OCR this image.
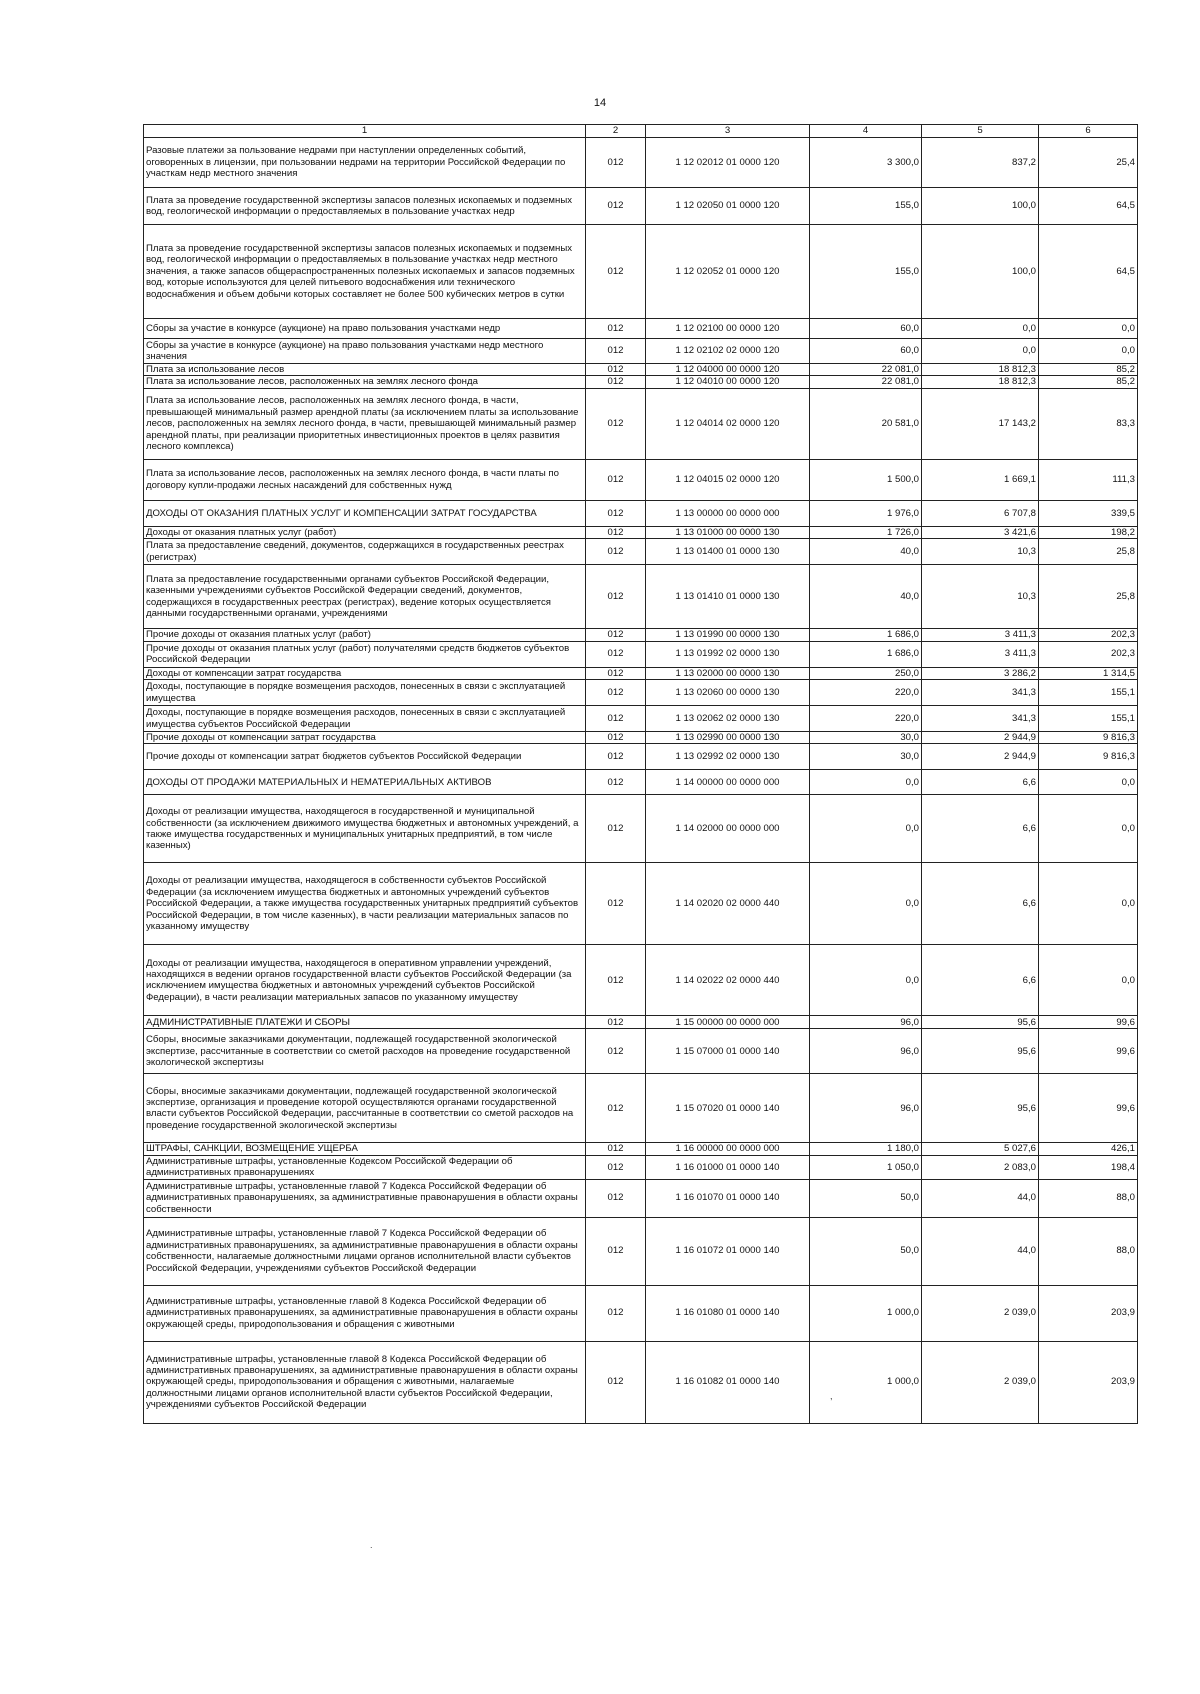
14
1	2	3	4	5	6
Разовые платежи за пользование недрами при наступлении определенных событий, оговоренных в лицензии, при пользовании недрами на территории Российской Федерации по участкам недр местного значения	012	1 12 02012 01 0000 120	3 300,0	837,2	25,4
Плата за проведение государственной экспертизы запасов полезных ископаемых и подземных вод, геологической информации о предоставляемых в пользование участках недр	012	1 12 02050 01 0000 120	155,0	100,0	64,5
Плата за проведение государственной экспертизы запасов полезных ископаемых и подземных вод, геологической информации о предоставляемых в пользование участках недр местного значения, а также запасов общераспространенных полезных ископаемых и запасов подземных вод, которые используются для целей питьевого водоснабжения или технического водоснабжения и объем добычи которых составляет не более 500 кубических метров в сутки	012	1 12 02052 01 0000 120	155,0	100,0	64,5
Сборы за участие в конкурсе (аукционе) на право пользования участками недр	012	1 12 02100 00 0000 120	60,0	0,0	0,0
Сборы за участие в конкурсе (аукционе) на право пользования участками недр местного значения	012	1 12 02102 02 0000 120	60,0	0,0	0,0
Плата за использование лесов	012	1 12 04000 00 0000 120	22 081,0	18 812,3	85,2
Плата за использование лесов, расположенных на землях лесного фонда	012	1 12 04010 00 0000 120	22 081,0	18 812,3	85,2
Плата за использование лесов, расположенных на землях лесного фонда, в части, превышающей минимальный размер арендной платы (за исключением платы за использование лесов, расположенных на землях лесного фонда, в части, превышающей минимальный размер арендной платы, при реализации приоритетных инвестиционных проектов в целях развития лесного комплекса)	012	1 12 04014 02 0000 120	20 581,0	17 143,2	83,3
Плата за использование лесов, расположенных на землях лесного фонда, в части платы по договору купли-продажи лесных насаждений для собственных нужд	012	1 12 04015 02 0000 120	1 500,0	1 669,1	111,3
ДОХОДЫ ОТ ОКАЗАНИЯ ПЛАТНЫХ УСЛУГ И КОМПЕНСАЦИИ ЗАТРАТ ГОСУДАРСТВА	012	1 13 00000 00 0000 000	1 976,0	6 707,8	339,5
Доходы от оказания платных услуг (работ)	012	1 13 01000 00 0000 130	1 726,0	3 421,6	198,2
Плата за предоставление сведений, документов, содержащихся в государственных реестрах (регистрах)	012	1 13 01400 01 0000 130	40,0	10,3	25,8
Плата за предоставление государственными органами субъектов Российской Федерации, казенными учреждениями субъектов Российской Федерации сведений, документов, содержащихся в государственных реестрах (регистрах), ведение которых осуществляется данными государственными органами, учреждениями	012	1 13 01410 01 0000 130	40,0	10,3	25,8
Прочие доходы от оказания платных услуг (работ)	012	1 13 01990 00 0000 130	1 686,0	3 411,3	202,3
Прочие доходы от оказания платных услуг (работ) получателями средств бюджетов субъектов Российской Федерации	012	1 13 01992 02 0000 130	1 686,0	3 411,3	202,3
Доходы от компенсации затрат государства	012	1 13 02000 00 0000 130	250,0	3 286,2	1 314,5
Доходы, поступающие в порядке возмещения расходов, понесенных в связи с эксплуатацией имущества	012	1 13 02060 00 0000 130	220,0	341,3	155,1
Доходы, поступающие в порядке возмещения расходов, понесенных в связи с эксплуатацией имущества субъектов Российской Федерации	012	1 13 02062 02 0000 130	220,0	341,3	155,1
Прочие доходы от компенсации затрат государства	012	1 13 02990 00 0000 130	30,0	2 944,9	9 816,3
Прочие доходы от компенсации затрат бюджетов субъектов Российской Федерации	012	1 13 02992 02 0000 130	30,0	2 944,9	9 816,3
ДОХОДЫ ОТ ПРОДАЖИ МАТЕРИАЛЬНЫХ И НЕМАТЕРИАЛЬНЫХ АКТИВОВ	012	1 14 00000 00 0000 000	0,0	6,6	0,0
Доходы от реализации имущества, находящегося в государственной и муниципальной собственности (за исключением движимого имущества бюджетных и автономных учреждений, а также имущества государственных и муниципальных унитарных предприятий, в том числе казенных)	012	1 14 02000 00 0000 000	0,0	6,6	0,0
Доходы от реализации имущества, находящегося в собственности субъектов Российской Федерации (за исключением имущества бюджетных и автономных учреждений субъектов Российской Федерации, а также имущества государственных унитарных предприятий субъектов Российской Федерации, в том числе казенных), в части реализации материальных запасов по указанному имуществу	012	1 14 02020 02 0000 440	0,0	6,6	0,0
Доходы от реализации имущества, находящегося в оперативном управлении учреждений, находящихся в ведении органов государственной власти субъектов Российской Федерации (за исключением имущества бюджетных и автономных учреждений субъектов Российской Федерации), в части реализации материальных запасов по указанному имуществу	012	1 14 02022 02 0000 440	0,0	6,6	0,0
АДМИНИСТРАТИВНЫЕ ПЛАТЕЖИ И СБОРЫ	012	1 15 00000 00 0000 000	96,0	95,6	99,6
Сборы, вносимые заказчиками документации, подлежащей государственной экологической экспертизе, рассчитанные в соответствии со сметой расходов на проведение государственной экологической экспертизы	012	1 15 07000 01 0000 140	96,0	95,6	99,6
Сборы, вносимые заказчиками документации, подлежащей государственной экологической экспертизе, организация и проведение которой осуществляются органами государственной власти субъектов Российской Федерации, рассчитанные в соответствии со сметой расходов на проведение государственной экологической экспертизы	012	1 15 07020 01 0000 140	96,0	95,6	99,6
ШТРАФЫ, САНКЦИИ, ВОЗМЕЩЕНИЕ УЩЕРБА	012	1 16 00000 00 0000 000	1 180,0	5 027,6	426,1
Административные штрафы, установленные Кодексом Российской Федерации об административных правонарушениях	012	1 16 01000 01 0000 140	1 050,0	2 083,0	198,4
Административные штрафы, установленные главой 7 Кодекса Российской Федерации об административных правонарушениях, за административные правонарушения в области охраны собственности	012	1 16 01070 01 0000 140	50,0	44,0	88,0
Административные штрафы, установленные главой 7 Кодекса Российской Федерации об административных правонарушениях, за административные правонарушения в области охраны собственности, налагаемые должностными лицами органов исполнительной власти субъектов Российской Федерации, учреждениями субъектов Российской Федерации	012	1 16 01072 01 0000 140	50,0	44,0	88,0
Административные штрафы, установленные главой 8 Кодекса Российской Федерации об административных правонарушениях, за административные правонарушения в области охраны окружающей среды, природопользования и обращения с животными	012	1 16 01080 01 0000 140	1 000,0	2 039,0	203,9
Административные штрафы, установленные главой 8 Кодекса Российской Федерации об административных правонарушениях, за административные правонарушения в области охраны окружающей среды, природопользования и обращения с животными, налагаемые должностными лицами органов исполнительной власти субъектов Российской Федерации, учреждениями субъектов Российской Федерации	012	1 16 01082 01 0000 140	1 000,0	2 039,0	203,9
,
.
